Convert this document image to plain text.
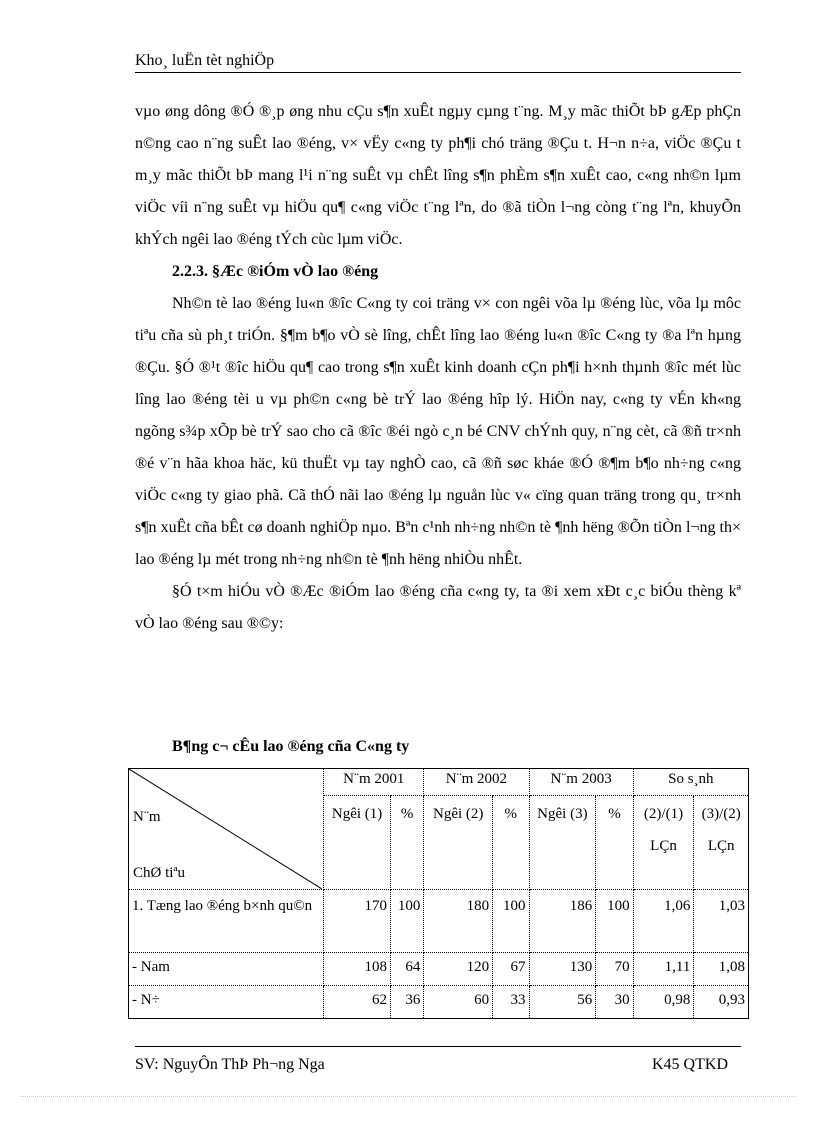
Kho¸ luËn tèt nghiÖp

vµo øng dông ®Ó ®¸p øng nhu cÇu s¶n xuÊt ngµy cµng t¨ng. M¸y mãc thiÕt bÞ gÆp phÇn n©ng cao n¨ng suÊt lao ®éng, v× vËy c«ng ty ph¶i chó träng ®Çu t. H¬n n÷a, viÖc ®Çu t m¸y mãc thiÕt bÞ mang l¹i n¨ng suÊt vµ chÊt lîng s¶n phÈm s¶n xuÊt cao, c«ng nh©n lµm viÖc víi n¨ng suÊt vµ hiÖu qu¶ c«ng viÖc t¨ng lªn, do ®ã tiÒn l¬ng còng t¨ng lªn, khuyÕn khÝch ngêi lao ®éng tÝch cùc lµm viÖc.

2.2.3. §Æc ®iÓm vÒ lao ®éng

Nh©n tè lao ®éng lu«n ®îc C«ng ty coi träng v× con ngêi võa lµ ®éng lùc, võa lµ môc tiªu cña sù ph¸t triÓn. §¶m b¶o vÒ sè lîng, chÊt lîng lao ®éng lu«n ®îc C«ng ty ®a lªn hµng ®Çu. §Ó ®¹t ®îc hiÖu qu¶ cao trong s¶n xuÊt kinh doanh cÇn ph¶i h×nh thµnh ®îc mét lùc lîng lao ®éng tèi u vµ ph©n c«ng bè trÝ lao ®éng hîp lý. HiÖn nay, c«ng ty vÉn kh«ng ngõng s¾p xÕp bè trÝ sao cho cã ®îc ®éi ngò c¸n bé CNV chÝnh quy, n¨ng cèt, cã ®ñ tr×nh ®é v¨n hãa khoa häc, kü thuËt vµ tay nghÒ cao, cã ®ñ søc kháe ®Ó ®¶m b¶o nh÷ng c«ng viÖc c«ng ty giao phã. Cã thÓ nãi lao ®éng lµ nguån lùc v« cïng quan träng trong qu¸ tr×nh s¶n xuÊt cña bÊt cø doanh nghiÖp nµo. Bªn c¹nh nh÷ng nh©n tè ¶nh hëng ®Õn tiÒn l¬ng th× lao ®éng lµ mét trong nh÷ng nh©n tè ¶nh hëng nhiÒu nhÊt.

§Ó t×m hiÓu vÒ ®Æc ®iÓm lao ®éng cña c«ng ty, ta ®i xem xÐt c¸c biÓu thèng kª vÒ lao ®éng sau ®©y:

B¶ng c¬ cÊu lao ®éng cña C«ng ty
N¨m
ChØ tiªu	N¨m 2001		N¨m 2002		N¨m 2003		So s¸nh	
	Ngêi (1)	%	Ngêi (2)	%	Ngêi (3)	%	(2)/(1) LÇn	(3)/(2) LÇn
1. Tæng lao ®éng b×nh qu©n	170	100	180	100	186	100	1,06	1,03
- Nam	108	64	120	67	130	70	1,11	1,08
- N÷	62	36	60	33	56	30	0,98	0,93
SV: NguyÔn ThÞ Ph¬ng Nga	K45 QTKD
